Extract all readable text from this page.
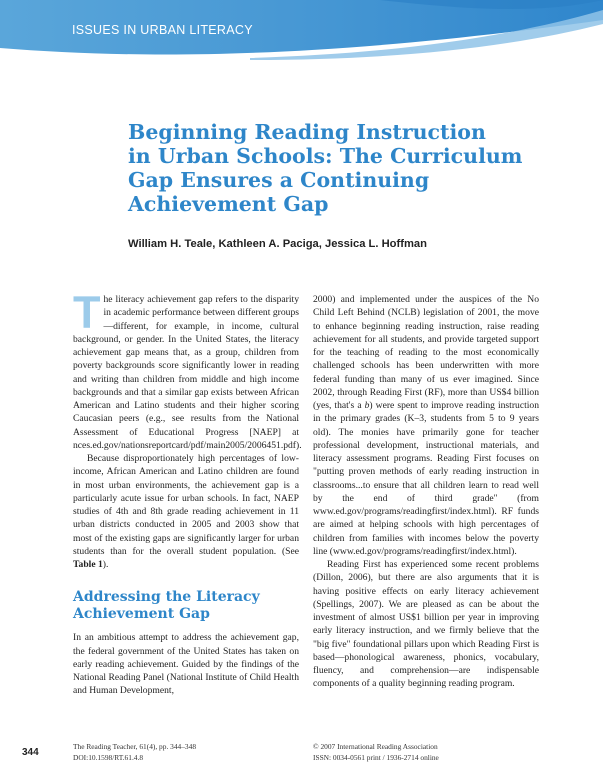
ISSUES IN URBAN LITERACY
Beginning Reading Instruction
in Urban Schools: The Curriculum
Gap Ensures a Continuing
Achievement Gap
William H. Teale, Kathleen A. Paciga, Jessica L. Hoffman

The literacy achievement gap refers to the disparity in academic performance between different groups—different, for example, in income, cultural background, or gender. In the United States, the literacy achievement gap means that, as a group, children from poverty backgrounds score significantly lower in reading and writing than children from middle and high income backgrounds and that a similar gap exists between African American and Latino students and their higher scoring Caucasian peers (e.g., see results from the National Assessment of Educational Progress [NAEP] at nces.ed.gov/nationsreportcard/pdf/main2005/2006451.pdf).

Because disproportionately high percentages of low-income, African American and Latino children are found in most urban environments, the achievement gap is a particularly acute issue for urban schools. In fact, NAEP studies of 4th and 8th grade reading achievement in 11 urban districts conducted in 2005 and 2003 show that most of the existing gaps are significantly larger for urban students than for the overall student population. (See Table 1).

Addressing the Literacy
Achievement Gap

In an ambitious attempt to address the achievement gap, the federal government of the United States has taken on early reading achievement. Guided by the findings of the National Reading Panel (National Institute of Child Health and Human Development,

2000) and implemented under the auspices of the No Child Left Behind (NCLB) legislation of 2001, the move to enhance beginning reading instruction, raise reading achievement for all students, and provide targeted support for the teaching of reading to the most economically challenged schools has been underwritten with more federal funding than many of us ever imagined. Since 2002, through Reading First (RF), more than US$4 billion (yes, that's a b) were spent to improve reading instruction in the primary grades (K–3, students from 5 to 9 years old). The monies have primarily gone for teacher professional development, instructional materials, and literacy assessment programs. Reading First focuses on "putting proven methods of early reading instruction in classrooms...to ensure that all children learn to read well by the end of third grade" (from www.ed.gov/programs/readingfirst/index.html). RF funds are aimed at helping schools with high percentages of children from families with incomes below the poverty line (www.ed.gov/programs/readingfirst/index.html).

Reading First has experienced some recent problems (Dillon, 2006), but there are also arguments that it is having positive effects on early literacy achievement (Spellings, 2007). We are pleased as can be about the investment of almost US$1 billion per year in improving early literacy instruction, and we firmly believe that the "big five" foundational pillars upon which Reading First is based—phonological awareness, phonics, vocabulary, fluency, and comprehension—are indispensable components of a quality beginning reading program.

344
The Reading Teacher, 61(4), pp. 344–348
DOI:10.1598/RT.61.4.8
© 2007 International Reading Association
ISSN: 0034-0561 print / 1936-2714 online
